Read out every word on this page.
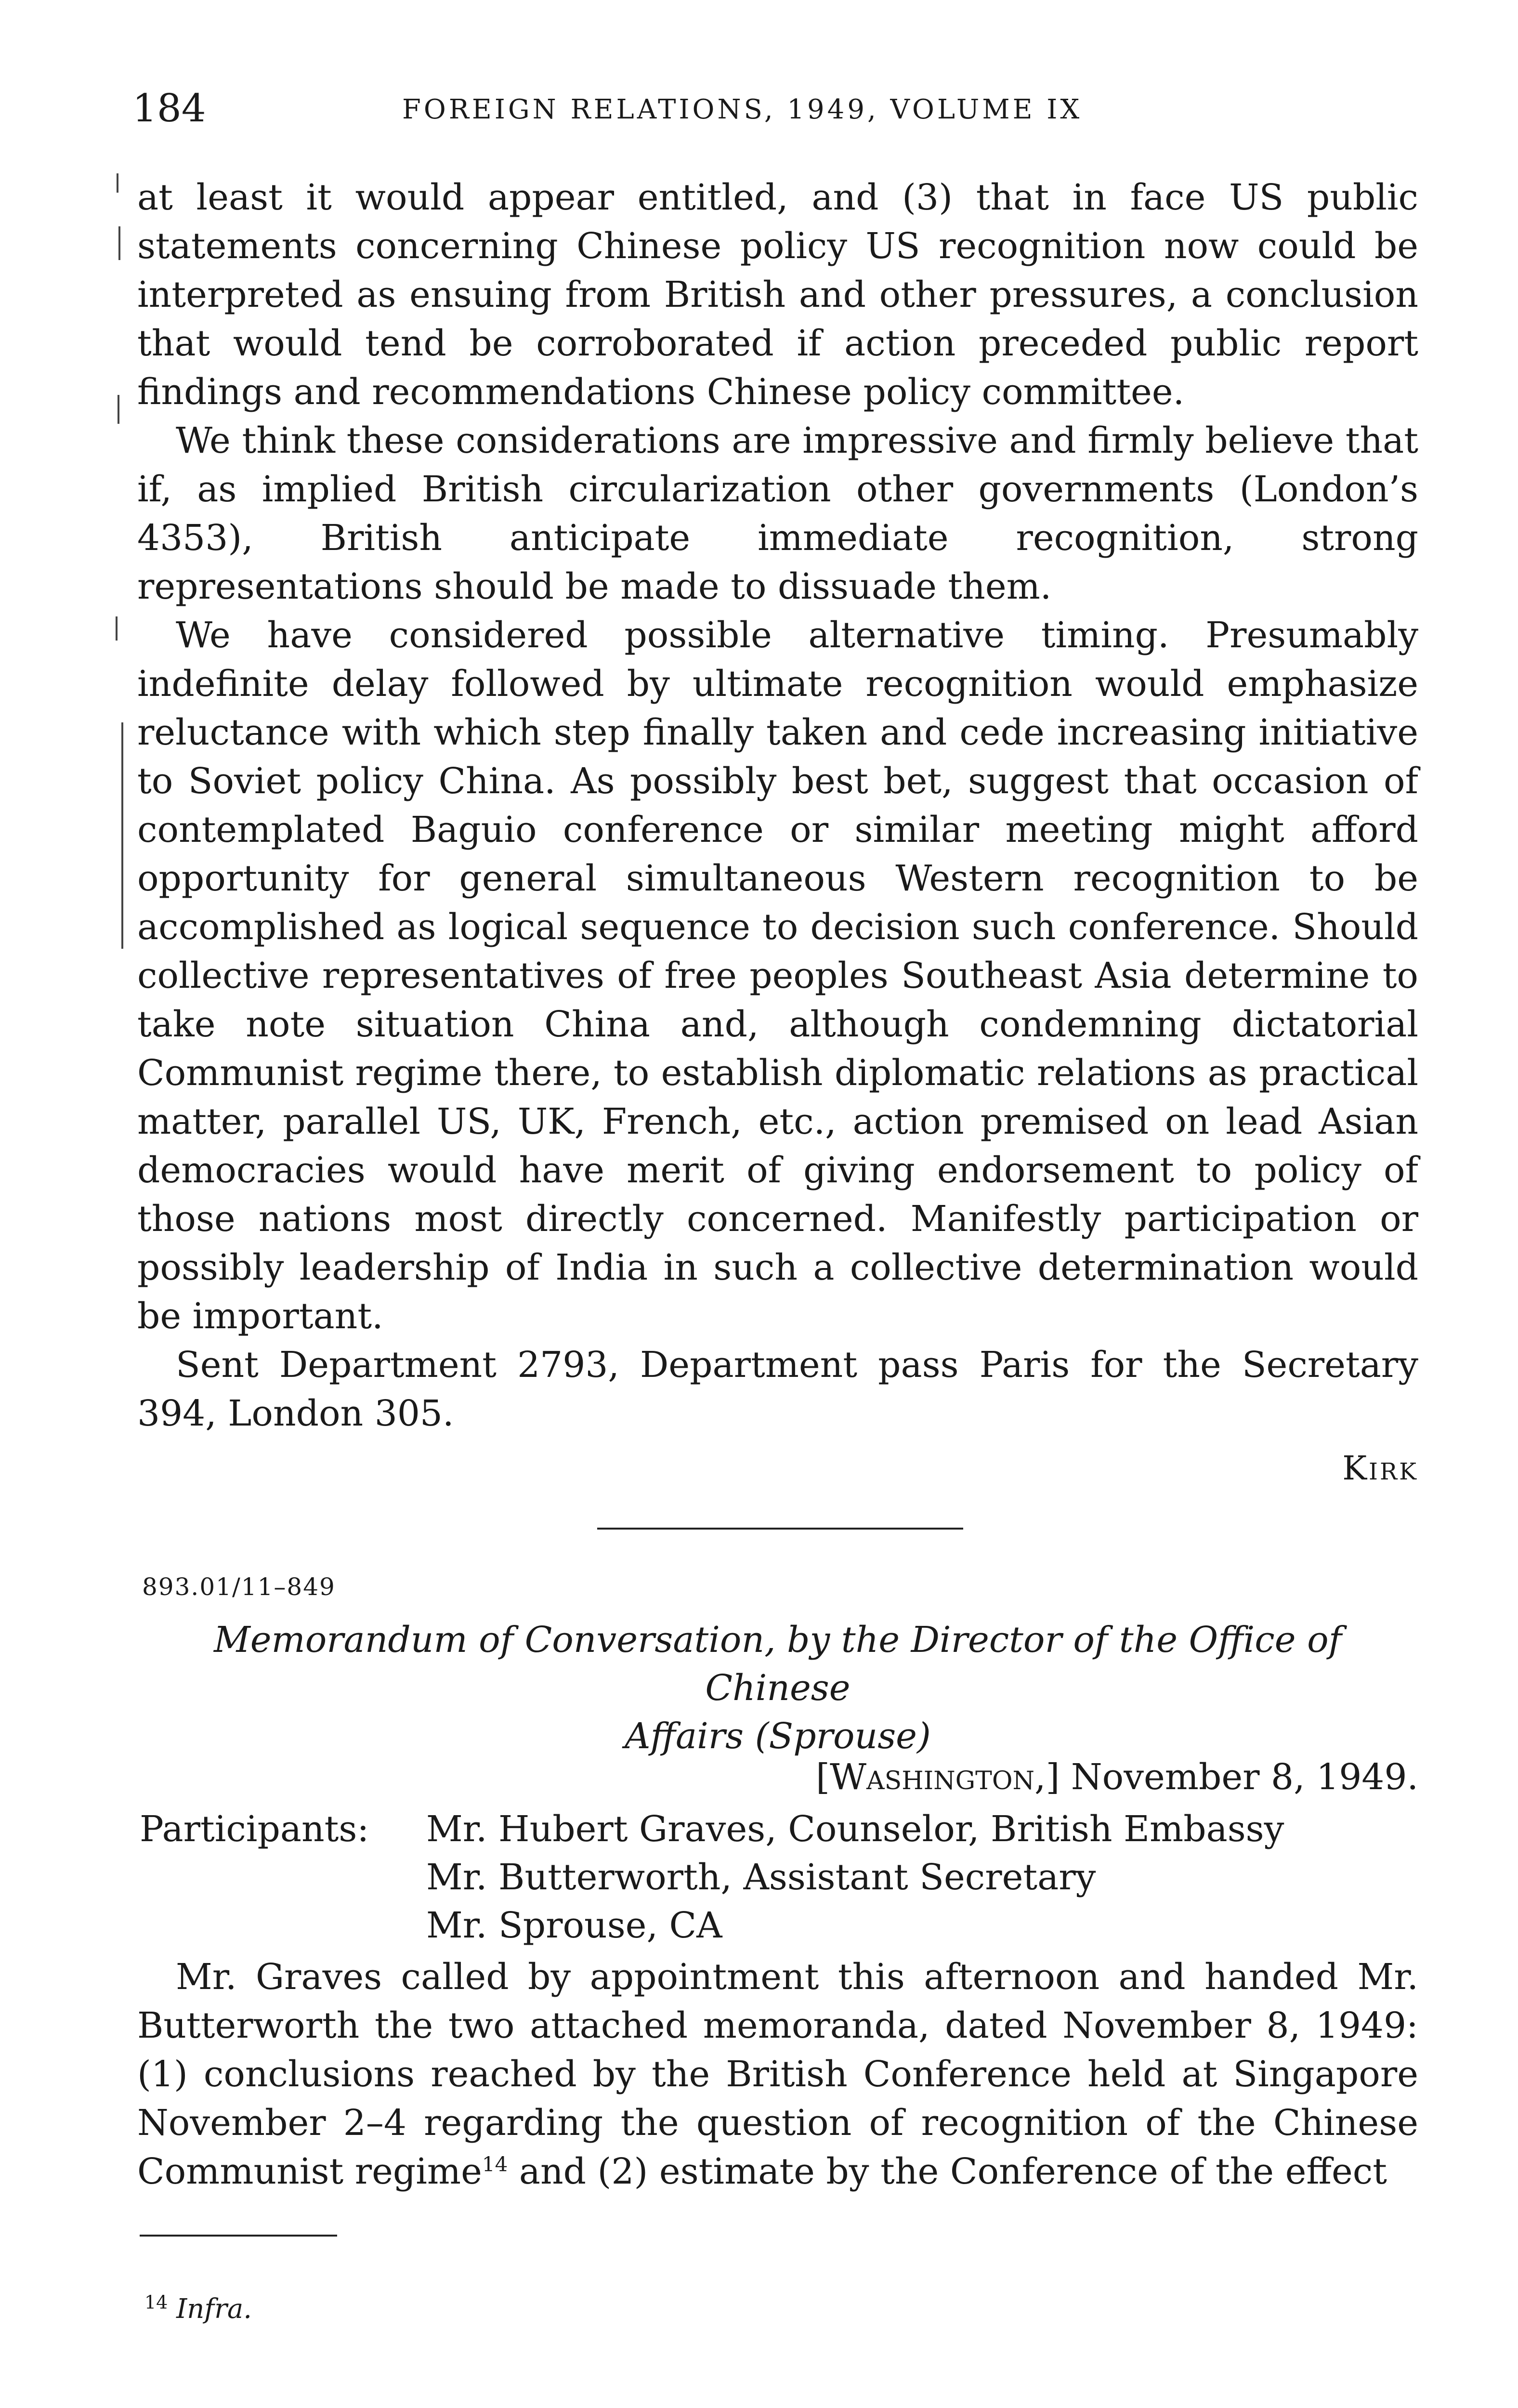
184	FOREIGN RELATIONS, 1949, VOLUME IX

at least it would appear entitled, and (3) that in face US public statements concerning Chinese policy US recognition now could be interpreted as ensuing from British and other pressures, a conclusion that would tend be corroborated if action preceded public report findings and recommendations Chinese policy committee.

We think these considerations are impressive and firmly believe that if, as implied British circularization other governments (London’s 4353), British anticipate immediate recognition, strong representations should be made to dissuade them.

We have considered possible alternative timing. Presumably indefinite delay followed by ultimate recognition would emphasize reluctance with which step finally taken and cede increasing initiative to Soviet policy China. As possibly best bet, suggest that occasion of contemplated Baguio conference or similar meeting might afford opportunity for general simultaneous Western recognition to be accomplished as logical sequence to decision such conference. Should collective representatives of free peoples Southeast Asia determine to take note situation China and, although condemning dictatorial Communist regime there, to establish diplomatic relations as practical matter, parallel US, UK, French, etc., action premised on lead Asian democracies would have merit of giving endorsement to policy of those nations most directly concerned. Manifestly participation or possibly leadership of India in such a collective determination would be important.

Sent Department 2793, Department pass Paris for the Secretary 394, London 305.

Kirk
893.01/11–849
Memorandum of Conversation, by the Director of the Office of Chinese
Affairs (Sprouse)
[Washington,] November 8, 1949.
Participants: Mr. Hubert Graves, Counselor, British Embassy
Mr. Butterworth, Assistant Secretary
Mr. Sprouse, CA

Mr. Graves called by appointment this afternoon and handed Mr. Butterworth the two attached memoranda, dated November 8, 1949: (1) conclusions reached by the British Conference held at Singapore November 2–4 regarding the question of recognition of the Chinese Communist regime$^{14}$ and (2) estimate by the Conference of the effect

$^{14}$ Infra.
